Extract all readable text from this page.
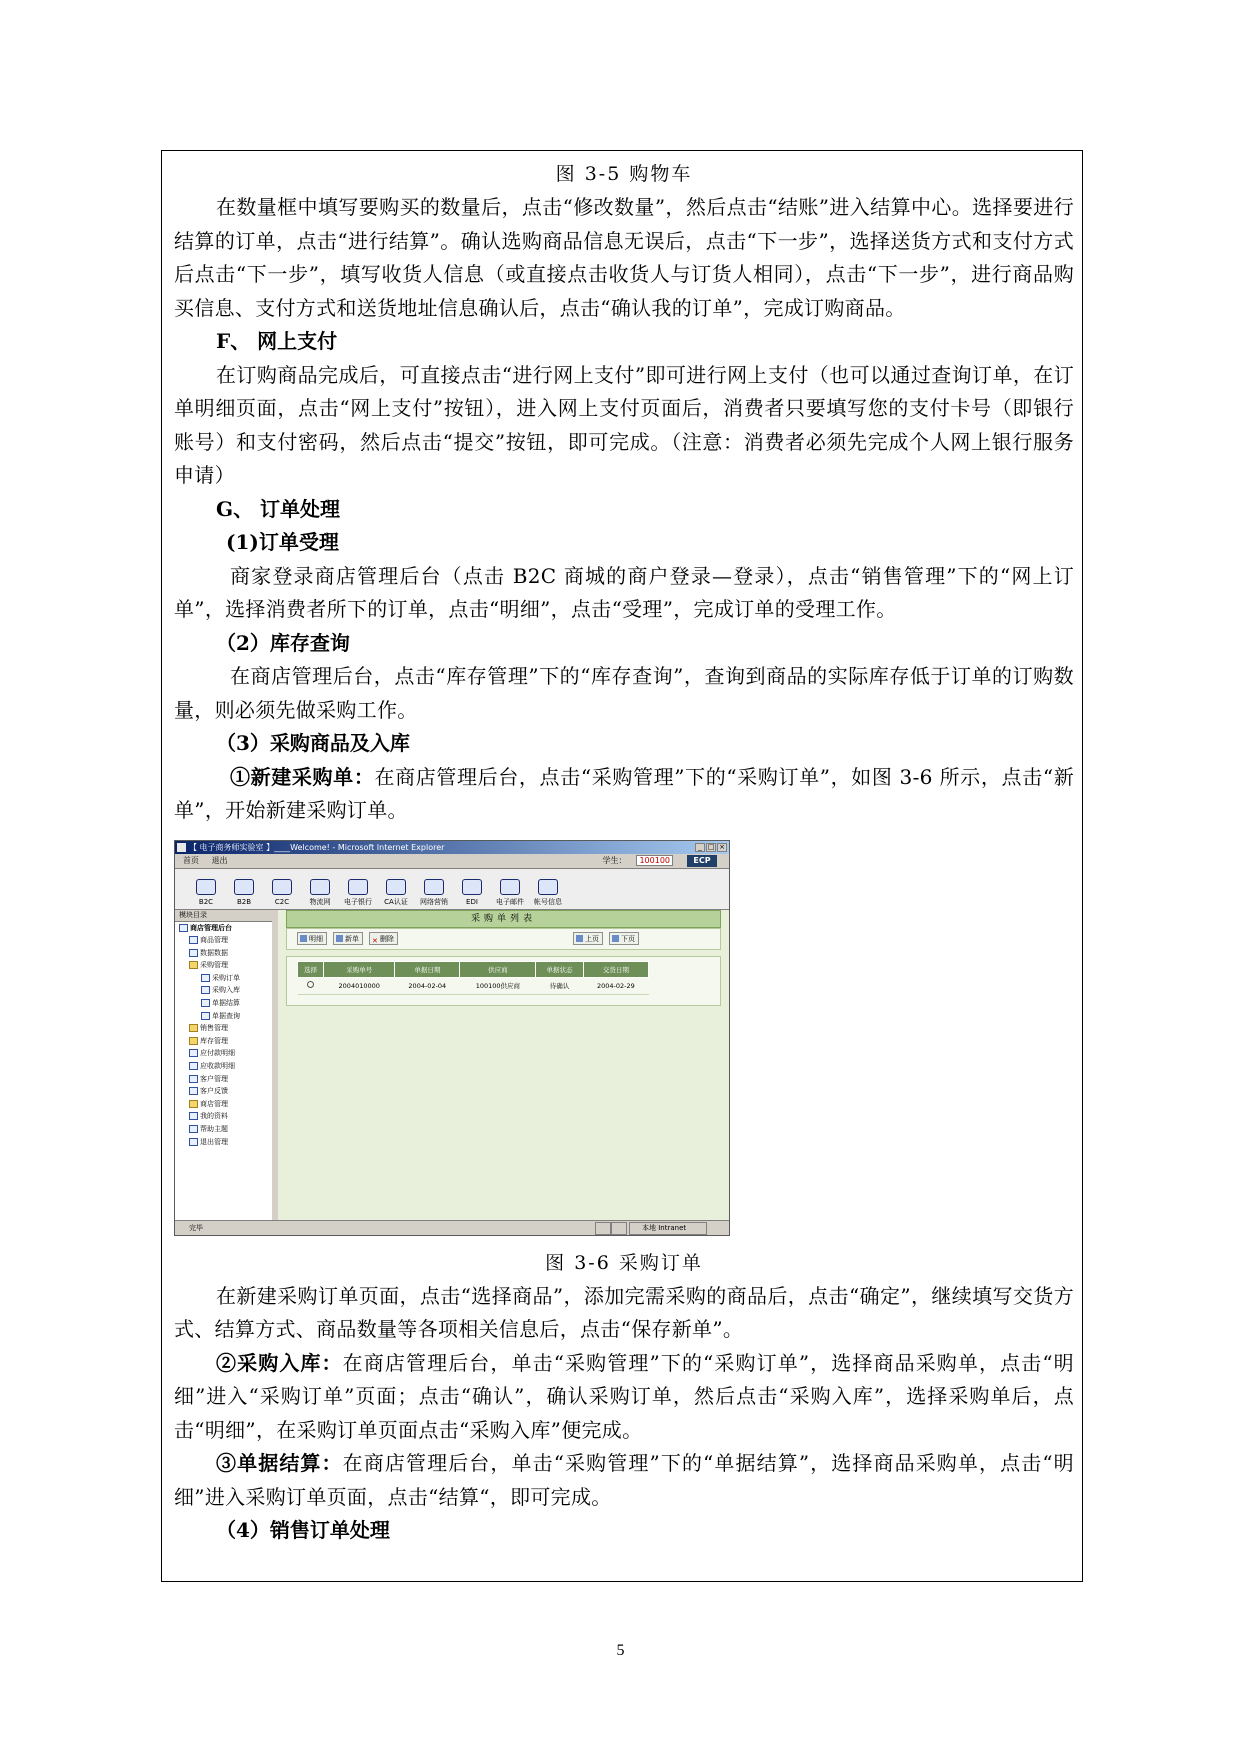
图 3-5 购物车

在数量框中填写要购买的数量后，点击“修改数量”，然后点击“结账”进入结算中心。选择要进行结算的订单，点击“进行结算”。确认选购商品信息无误后，点击“下一步”，选择送货方式和支付方式后点击“下一步”，填写收货人信息（或直接点击收货人与订货人相同），点击“下一步”，进行商品购买信息、支付方式和送货地址信息确认后，点击“确认我的订单”，完成订购商品。

F、 网上支付

在订购商品完成后，可直接点击“进行网上支付”即可进行网上支付（也可以通过查询订单，在订单明细页面，点击“网上支付”按钮），进入网上支付页面后，消费者只要填写您的支付卡号（即银行账号）和支付密码，然后点击“提交”按钮，即可完成。（注意：消费者必须先完成个人网上银行服务申请）

G、 订单处理

(1)订单受理

商家登录商店管理后台（点击 B2C 商城的商户登录—登录），点击“销售管理”下的“网上订单”，选择消费者所下的订单，点击“明细”，点击“受理”，完成订单的受理工作。

（2）库存查询

在商店管理后台，点击“库存管理”下的“库存查询”，查询到商品的实际库存低于订单的订购数量，则必须先做采购工作。

（3）采购商品及入库

①新建采购单：在商店管理后台，点击“采购管理”下的“采购订单”，如图 3-6 所示，点击“新单”，开始新建采购订单。

【 电子商务师实验室 】____Welcome! - Microsoft Internet Explorer	_ □ ×
首页 退出	学生： 100100	ECP
B2C	B2B	C2C	物流网	电子银行	CA认证	网络营销	EDI	电子邮件	帐号信息
模块目录
商店管理后台
商品管理
数据数据
采购管理
采购订单
采购入库
单据结算
单据查询
销售管理
库存管理
应付款明细
应收款明细
客户管理
客户反馈
商店管理
我的资料
帮助主题
退出管理
采购单列表
明细	新单	✕ 删除	上页	下页
选择	采购单号	单据日期	供应商	单据状态	交货日期
	2004010000	2004-02-04	100100供应商	待确认	2004-02-29
完毕	本地 Intranet

图 3-6 采购订单

在新建采购订单页面，点击“选择商品”，添加完需采购的商品后，点击“确定”，继续填写交货方式、结算方式、商品数量等各项相关信息后，点击“保存新单”。

②采购入库：在商店管理后台，单击“采购管理”下的“采购订单”，选择商品采购单，点击“明细”进入“采购订单”页面；点击“确认”，确认采购订单，然后点击“采购入库”，选择采购单后，点击“明细”，在采购订单页面点击“采购入库”便完成。

③单据结算：在商店管理后台，单击“采购管理”下的“单据结算”，选择商品采购单，点击“明细”进入采购订单页面，点击“结算“，即可完成。

（4）销售订单处理

5
